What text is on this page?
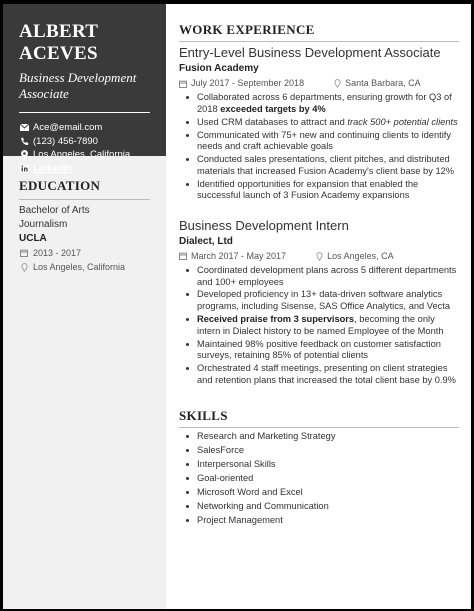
ALBERT ACEVES
Business Development
Associate
Ace@email.com
(123) 456-7890
Los Angeles, California
LinkedIn
EDUCATION
Bachelor of Arts
Journalism
UCLA
2013 - 2017
Los Angeles, California
WORK EXPERIENCE
Entry-Level Business Development Associate
Fusion Academy
July 2017 - September 2018	Santa Barbara, CA
Collaborated across 6 departments, ensuring growth for Q3 of 2018 exceeded targets by 4%
Used CRM databases to attract and track 500+ potential clients
Communicated with 75+ new and continuing clients to identify needs and craft achievable goals
Conducted sales presentations, client pitches, and distributed materials that increased Fusion Academy's client base by 12%
Identified opportunities for expansion that enabled the successful launch of 3 Fusion Academy expansions
Business Development Intern
Dialect, Ltd
March 2017 - May 2017	Los Angeles, CA
Coordinated development plans across 5 different departments and 100+ employees
Developed proficiency in 13+ data-driven software analytics programs, including Sisense, SAS Office Analytics, and Vecta
Received praise from 3 supervisors, becoming the only intern in Dialect history to be named Employee of the Month
Maintained 98% positive feedback on customer satisfaction surveys, retaining 85% of potential clients
Orchestrated 4 staff meetings, presenting on client strategies and retention plans that increased the total client base by 0.9%
SKILLS
Research and Marketing Strategy
SalesForce
Interpersonal Skills
Goal-oriented
Microsoft Word and Excel
Networking and Communication
Project Management
